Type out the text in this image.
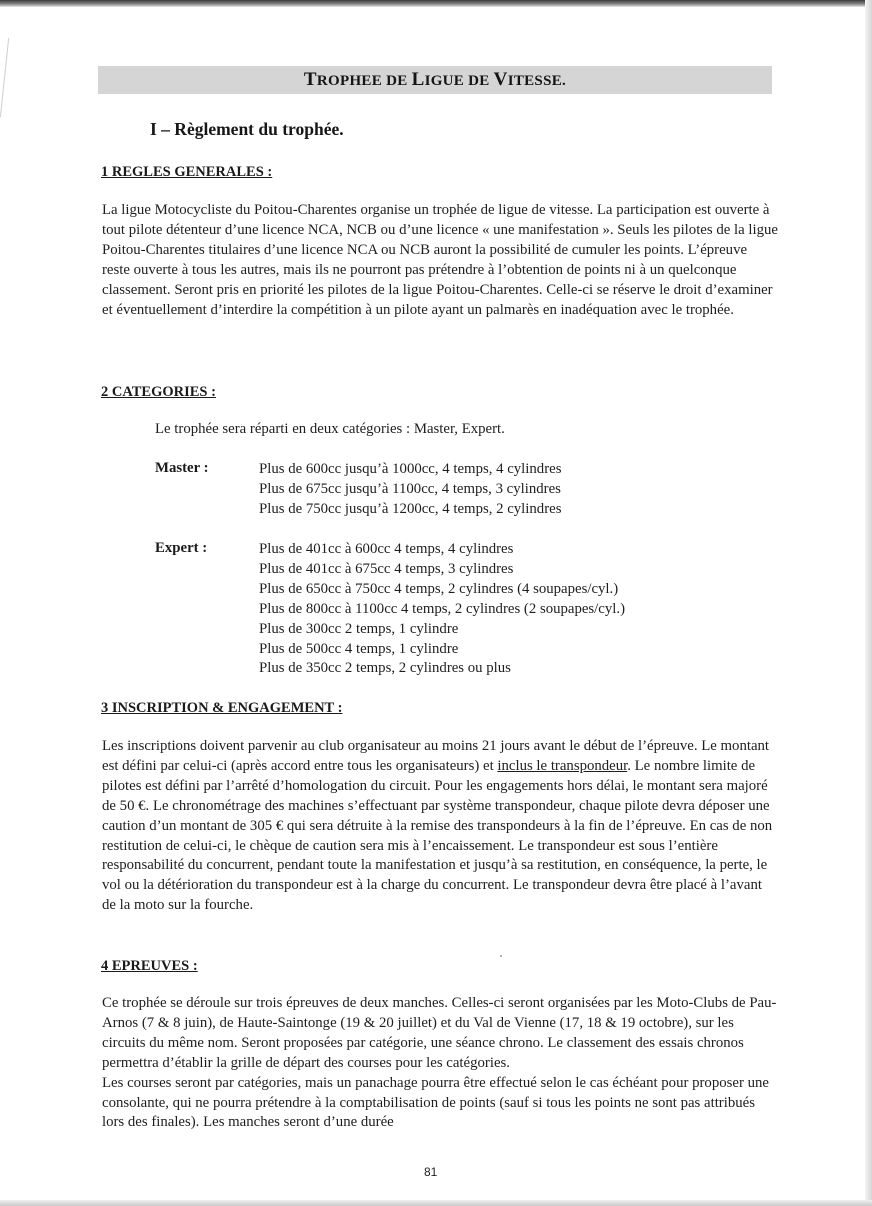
TROPHEE DE LIGUE DE VITESSE.
I – Règlement du trophée.
1 REGLES GENERALES :

La ligue Motocycliste du Poitou-Charentes organise un trophée de ligue de vitesse. La participation est ouverte à tout pilote détenteur d’une licence NCA, NCB ou d’une licence « une manifestation ». Seuls les pilotes de la ligue Poitou-Charentes titulaires d’une licence NCA ou NCB auront la possibilité de cumuler les points. L’épreuve reste ouverte à tous les autres, mais ils ne pourront pas prétendre à l’obtention de points ni à un quelconque classement. Seront pris en priorité les pilotes de la ligue Poitou-Charentes. Celle-ci se réserve le droit d’examiner et éventuellement d’interdire la compétition à un pilote ayant un palmarès en inadéquation avec le trophée.

2 CATEGORIES :
Le trophée sera réparti en deux catégories : Master, Expert.
Master :	Plus de 600cc jusqu’à 1000cc, 4 temps, 4 cylindres
Plus de 675cc jusqu’à 1100cc, 4 temps, 3 cylindres
Plus de 750cc jusqu’à 1200cc, 4 temps, 2 cylindres
Expert :	Plus de 401cc à 600cc 4 temps, 4 cylindres
Plus de 401cc à 675cc 4 temps, 3 cylindres
Plus de 650cc à 750cc 4 temps, 2 cylindres (4 soupapes/cyl.)
Plus de 800cc à 1100cc 4 temps, 2 cylindres (2 soupapes/cyl.)
Plus de 300cc 2 temps, 1 cylindre
Plus de 500cc 4 temps, 1 cylindre
Plus de 350cc 2 temps, 2 cylindres ou plus
3 INSCRIPTION & ENGAGEMENT :

Les inscriptions doivent parvenir au club organisateur au moins 21 jours avant le début de l’épreuve. Le montant est défini par celui-ci (après accord entre tous les organisateurs) et inclus le transpondeur. Le nombre limite de pilotes est défini par l’arrêté d’homologation du circuit. Pour les engagements hors délai, le montant sera majoré de 50 €. Le chronométrage des machines s’effectuant par système transpondeur, chaque pilote devra déposer une caution d’un montant de 305 € qui sera détruite à la remise des transpondeurs à la fin de l’épreuve. En cas de non restitution de celui-ci, le chèque de caution sera mis à l’encaissement. Le transpondeur est sous l’entière responsabilité du concurrent, pendant toute la manifestation et jusqu’à sa restitution, en conséquence, la perte, le vol ou la détérioration du transpondeur est à la charge du concurrent. Le transpondeur devra être placé à l’avant de la moto sur la fourche.

4 EPREUVES :

Ce trophée se déroule sur trois épreuves de deux manches. Celles-ci seront organisées par les Moto-Clubs de Pau-Arnos (7 & 8 juin), de Haute-Saintonge (19 & 20 juillet) et du Val de Vienne (17, 18 & 19 octobre), sur les circuits du même nom. Seront proposées par catégorie, une séance chrono. Le classement des essais chronos permettra d’établir la grille de départ des courses pour les catégories.

Les courses seront par catégories, mais un panachage pourra être effectué selon le cas échéant pour proposer une consolante, qui ne pourra prétendre à la comptabilisation de points (sauf si tous les points ne sont pas attribués lors des finales). Les manches seront d’une durée

81
